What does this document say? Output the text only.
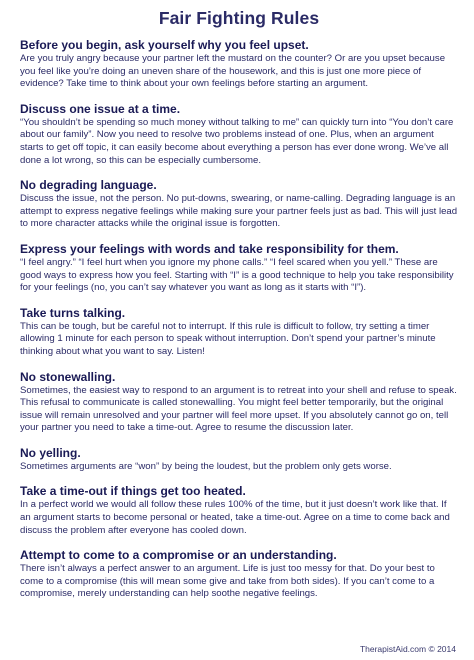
Fair Fighting Rules
Before you begin, ask yourself why you feel upset.

Are you truly angry because your partner left the mustard on the counter? Or are you upset because you feel like you’re doing an uneven share of the housework, and this is just one more piece of evidence? Take time to think about your own feelings before starting an argument.

Discuss one issue at a time.

“You shouldn’t be spending so much money without talking to me” can quickly turn into “You don’t care about our family”. Now you need to resolve two problems instead of one. Plus, when an argument starts to get off topic, it can easily become about everything a person has ever done wrong. We’ve all done a lot wrong, so this can be especially cumbersome.

No degrading language.

Discuss the issue, not the person. No put-downs, swearing, or name-calling. Degrading language is an attempt to express negative feelings while making sure your partner feels just as bad. This will just lead to more character attacks while the original issue is forgotten.

Express your feelings with words and take responsibility for them.

“I feel angry.” “I feel hurt when you ignore my phone calls.” “I feel scared when you yell.” These are good ways to express how you feel. Starting with “I” is a good technique to help you take responsibility for your feelings (no, you can’t say whatever you want as long as it starts with “I”).

Take turns talking.

This can be tough, but be careful not to interrupt. If this rule is difficult to follow, try setting a timer allowing 1 minute for each person to speak without interruption. Don’t spend your partner’s minute thinking about what you want to say. Listen!

No stonewalling.

Sometimes, the easiest way to respond to an argument is to retreat into your shell and refuse to speak. This refusal to communicate is called stonewalling. You might feel better temporarily, but the original issue will remain unresolved and your partner will feel more upset. If you absolutely cannot go on, tell your partner you need to take a time-out. Agree to resume the discussion later.

No yelling.

Sometimes arguments are “won” by being the loudest, but the problem only gets worse.

Take a time-out if things get too heated.

In a perfect world we would all follow these rules 100% of the time, but it just doesn’t work like that. If an argument starts to become personal or heated, take a time-out. Agree on a time to come back and discuss the problem after everyone has cooled down.

Attempt to come to a compromise or an understanding.

There isn’t always a perfect answer to an argument. Life is just too messy for that. Do your best to come to a compromise (this will mean some give and take from both sides). If you can’t come to a compromise, merely understanding can help soothe negative feelings.

TherapistAid.com © 2014
